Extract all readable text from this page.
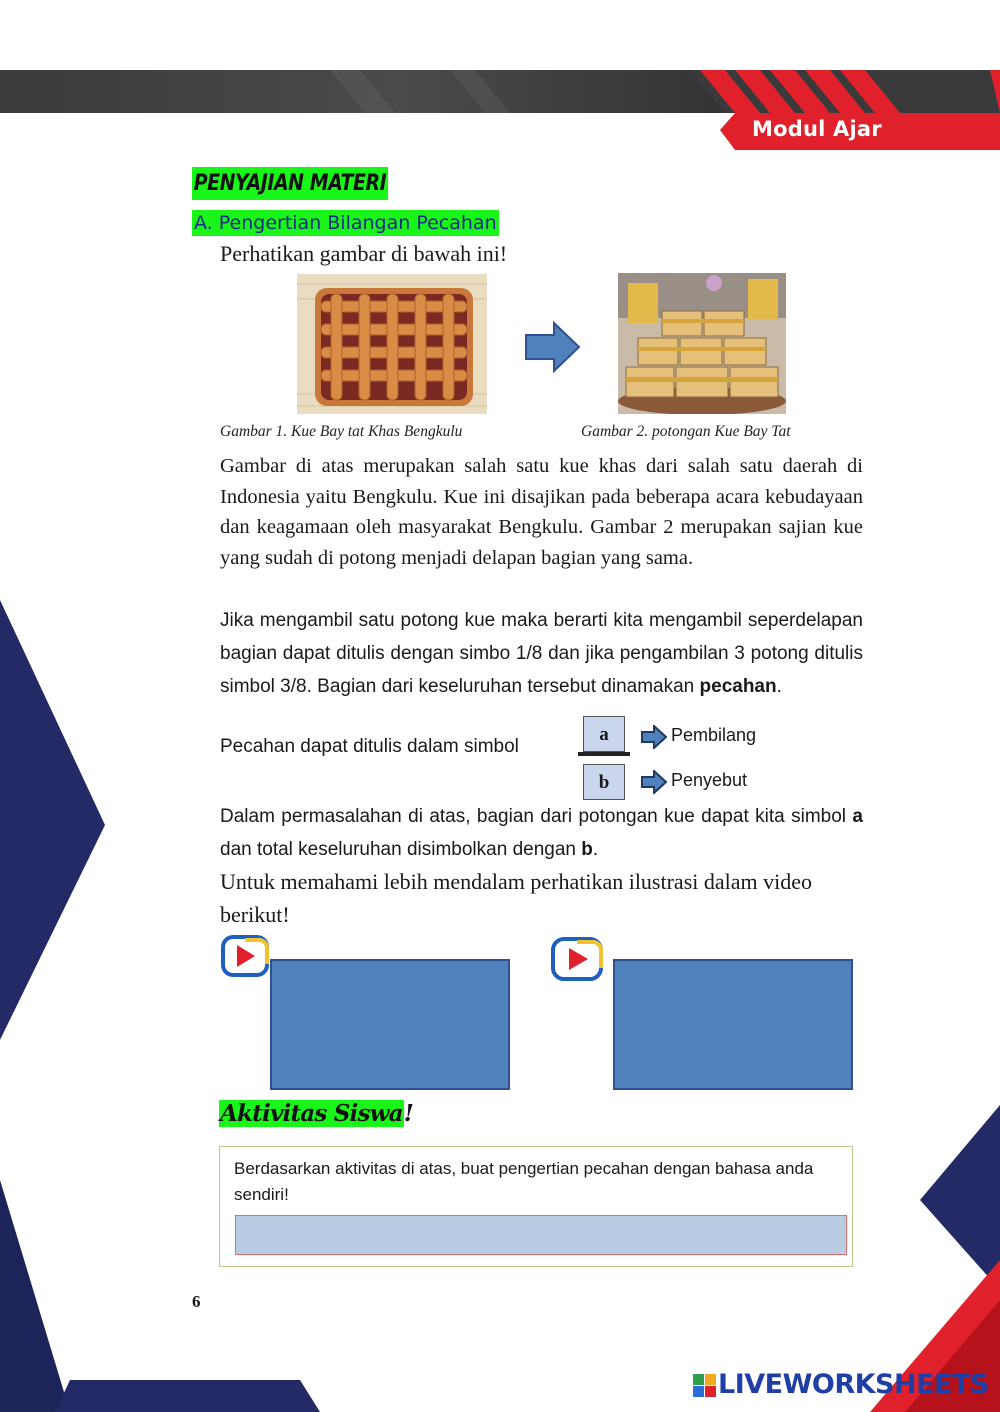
Modul Ajar
PENYAJIAN MATERI
A. Pengertian Bilangan Pecahan
Perhatikan gambar di bawah ini!
Gambar 1. Kue Bay tat Khas Bengkulu	Gambar 2. potongan Kue Bay Tat

Gambar di atas merupakan salah satu kue khas dari salah satu daerah di Indonesia yaitu Bengkulu. Kue ini disajikan pada beberapa acara kebudayaan dan keagamaan oleh masyarakat Bengkulu. Gambar 2 merupakan sajian kue yang sudah di potong menjadi delapan bagian yang sama.

Jika mengambil satu potong kue maka berarti kita mengambil seperdelapan bagian dapat ditulis dengan simbo 1/8 dan jika pengambilan 3 potong ditulis simbol 3/8. Bagian dari keseluruhan tersebut dinamakan pecahan.

Pecahan dapat ditulis dalam simbol
a
b
Pembilang
Penyebut

Dalam permasalahan di atas, bagian dari potongan kue dapat kita simbol a dan total keseluruhan disimbolkan dengan b.

Untuk memahami lebih mendalam perhatikan ilustrasi dalam video berikut!

Aktivitas Siswa!
Berdasarkan aktivitas di atas, buat pengertian pecahan dengan bahasa anda sendiri!
6
LIVEWORKSHEETS
